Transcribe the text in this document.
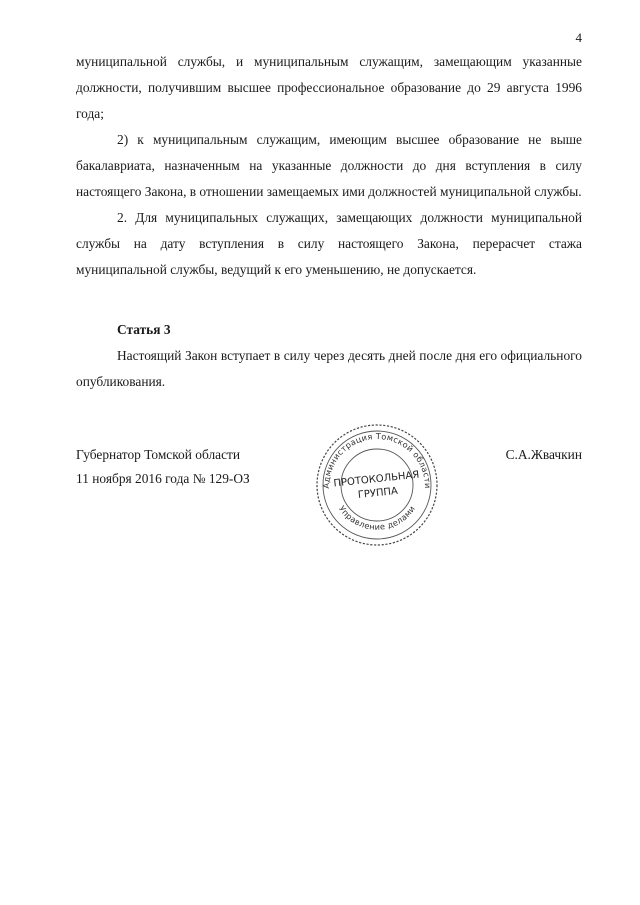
4

муниципальной службы, и муниципальным служащим, замещающим указанные должности, получившим высшее профессиональное образование до 29 августа 1996 года;

2) к муниципальным служащим, имеющим высшее образование не выше бакалавриата, назначенным на указанные должности до дня вступления в силу настоящего Закона, в отношении замещаемых ими должностей муниципальной службы.

2. Для муниципальных служащих, замещающих должности муниципальной службы на дату вступления в силу настоящего Закона, перерасчет стажа муниципальной службы, ведущий к его уменьшению, не допускается.

Статья 3

Настоящий Закон вступает в силу через десять дней после дня его официального опубликования.

Губернатор Томской области
11 ноября 2016 года № 129-ОЗ
С.А.Жвачкин
Администрация Томской области
Управление делами
ПРОТОКОЛЬНАЯ
ГРУППА
